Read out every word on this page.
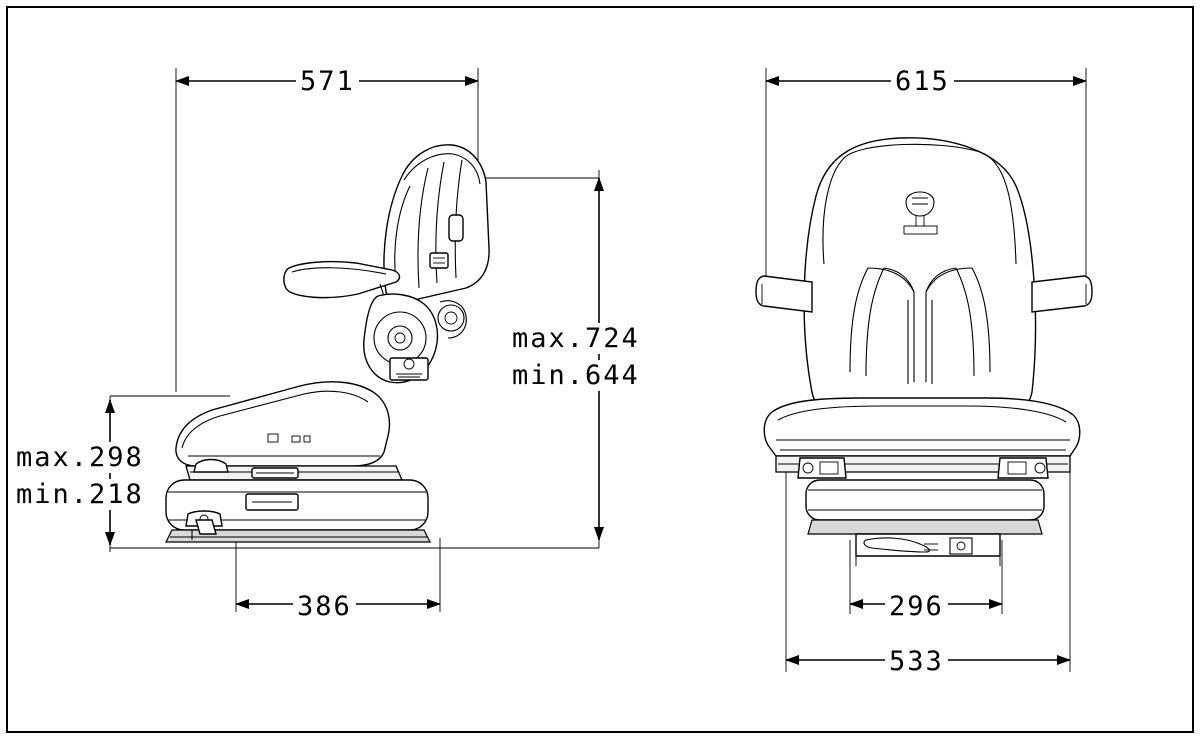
571
max.724
min.644
max.298
min.218
386
615
296
533
